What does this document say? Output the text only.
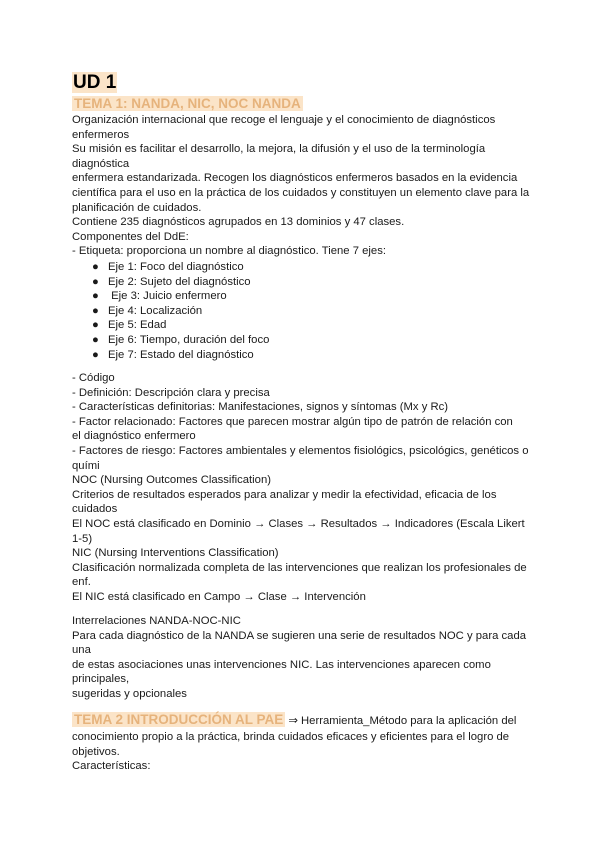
UD 1
TEMA 1: NANDA, NIC, NOC NANDA
Organización internacional que recoge el lenguaje y el conocimiento de diagnósticos
enfermeros
Su misión es facilitar el desarrollo, la mejora, la difusión y el uso de la terminología
diagnóstica
enfermera estandarizada. Recogen los diagnósticos enfermeros basados en la evidencia
científica para el uso en la práctica de los cuidados y constituyen un elemento clave para la
planificación de cuidados.
Contiene 235 diagnósticos agrupados en 13 dominios y 47 clases.
Componentes del DdE:
- Etiqueta: proporciona un nombre al diagnóstico. Tiene 7 ejes:
● Eje 1: Foco del diagnóstico
● Eje 2: Sujeto del diagnóstico
● Eje 3: Juicio enfermero
● Eje 4: Localización
● Eje 5: Edad
● Eje 6: Tiempo, duración del foco
● Eje 7: Estado del diagnóstico
- Código
- Definición: Descripción clara y precisa
- Características definitorias: Manifestaciones, signos y síntomas (Mx y Rc)
- Factor relacionado: Factores que parecen mostrar algún tipo de patrón de relación con
el diagnóstico enfermero
- Factores de riesgo: Factores ambientales y elementos fisiológics, psicológics, genéticos o
quími
NOC (Nursing Outcomes Classification)
Criterios de resultados esperados para analizar y medir la efectividad, eficacia de los
cuidados
El NOC está clasificado en Dominio → Clases → Resultados → Indicadores (Escala Likert
1-5)
NIC (Nursing Interventions Classification)
Clasificación normalizada completa de las intervenciones que realizan los profesionales de
enf.
El NIC está clasificado en Campo → Clase → Intervención
Interrelaciones NANDA-NOC-NIC
Para cada diagnóstico de la NANDA se sugieren una serie de resultados NOC y para cada
una
de estas asociaciones unas intervenciones NIC. Las intervenciones aparecen como
principales,
sugeridas y opcionales
TEMA 2 INTRODUCCIÓN AL PAE ⇒ Herramienta_Método para la aplicación del
conocimiento propio a la práctica, brinda cuidados eficaces y eficientes para el logro de
objetivos.
Características:
